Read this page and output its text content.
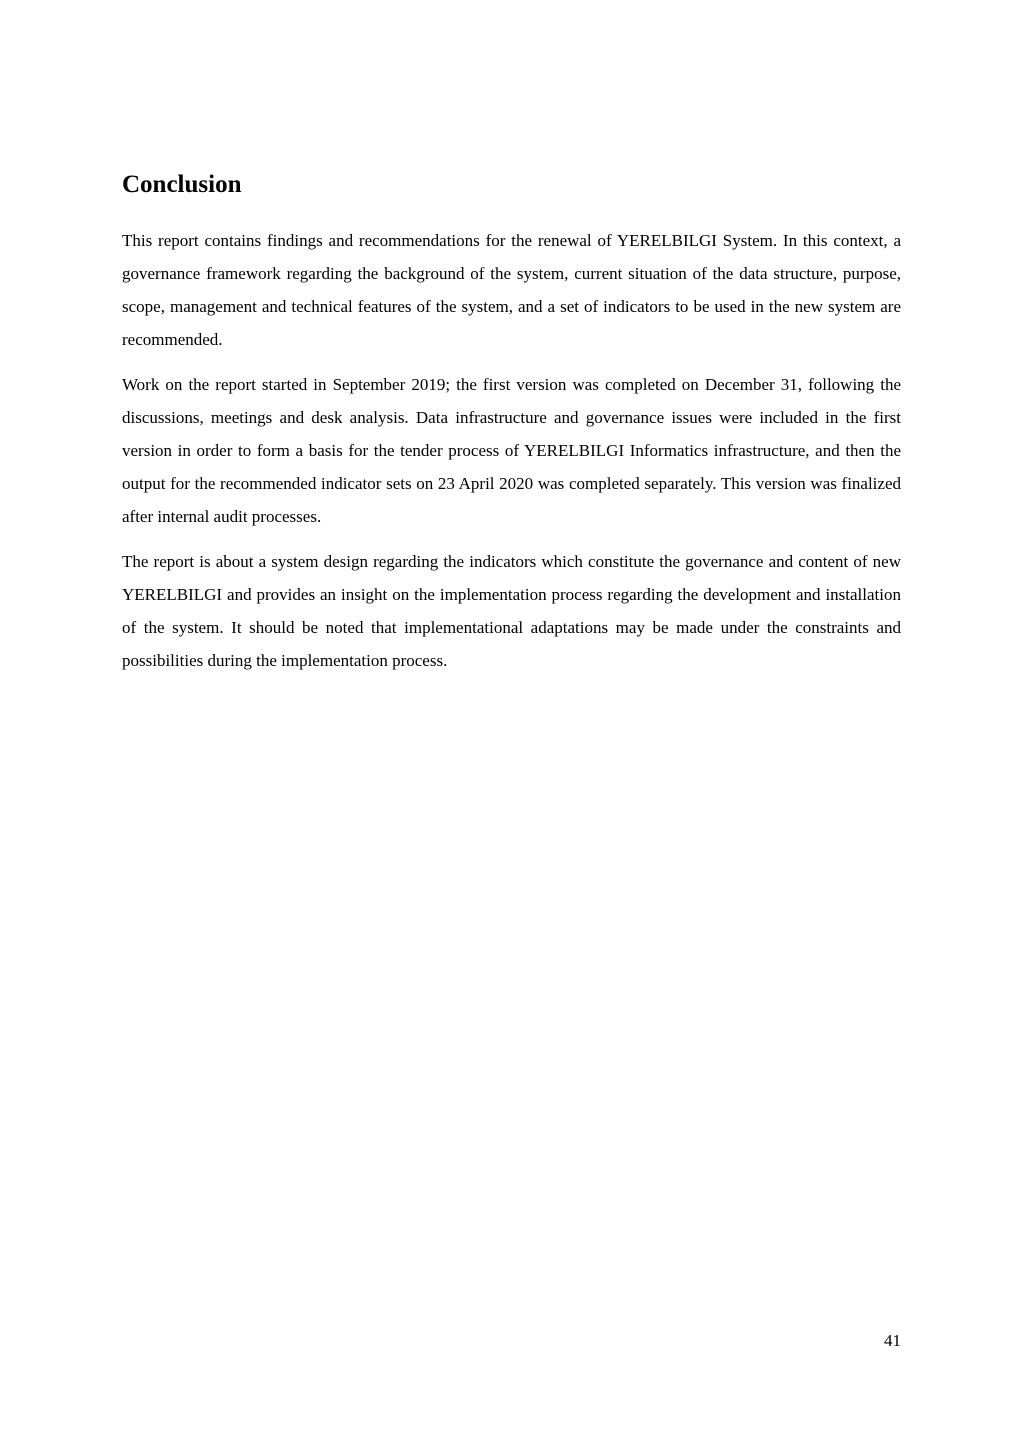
Conclusion

This report contains findings and recommendations for the renewal of YERELBILGI System. In this context, a governance framework regarding the background of the system, current situation of the data structure, purpose, scope, management and technical features of the system, and a set of indicators to be used in the new system are recommended.

Work on the report started in September 2019; the first version was completed on December 31, following the discussions, meetings and desk analysis. Data infrastructure and governance issues were included in the first version in order to form a basis for the tender process of YERELBILGI Informatics infrastructure, and then the output for the recommended indicator sets on 23 April 2020 was completed separately. This version was finalized after internal audit processes.

The report is about a system design regarding the indicators which constitute the governance and content of new YERELBILGI and provides an insight on the implementation process regarding the development and installation of the system. It should be noted that implementational adaptations may be made under the constraints and possibilities during the implementation process.

41
